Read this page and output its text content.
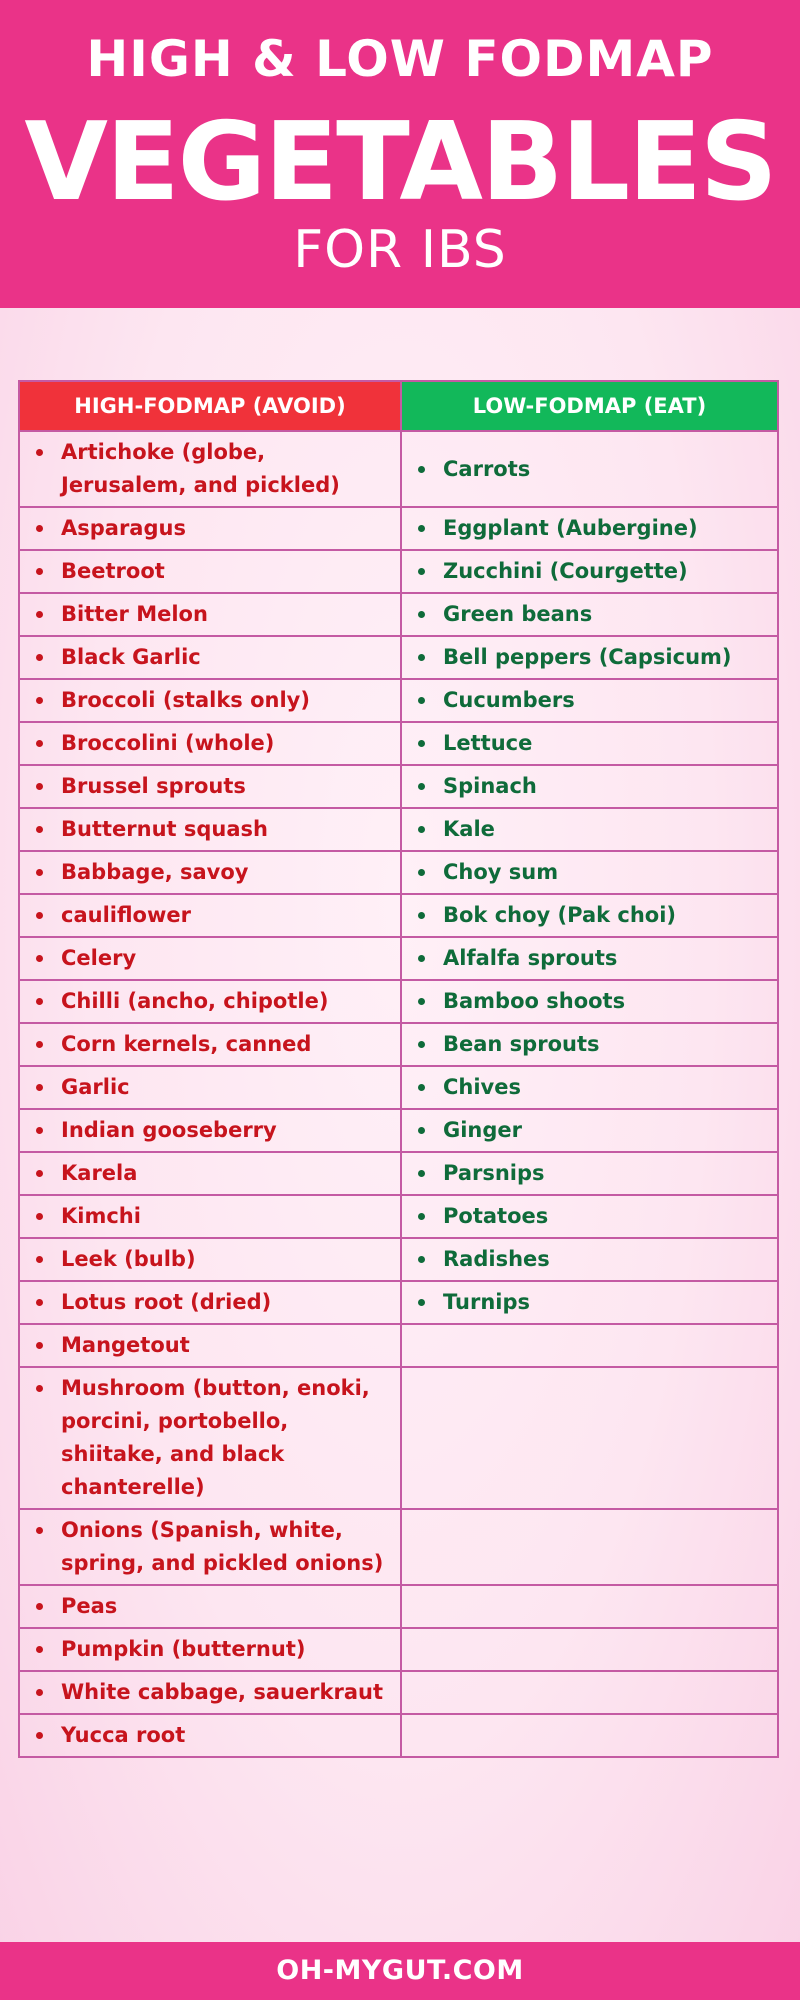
HIGH & LOW FODMAP
VEGETABLES
FOR IBS
HIGH-FODMAP (AVOID)	LOW-FODMAP (EAT)

Artichoke (globe, Jerusalem, and pickled)	Carrots

Asparagus	Eggplant (Aubergine)

Beetroot	Zucchini (Courgette)

Bitter Melon	Green beans

Black Garlic	Bell peppers (Capsicum)

Broccoli (stalks only)	Cucumbers

Broccolini (whole)	Lettuce

Brussel sprouts	Spinach

Butternut squash	Kale

Babbage, savoy	Choy sum

cauliflower	Bok choy (Pak choi)

Celery	Alfalfa sprouts

Chilli (ancho, chipotle)	Bamboo shoots

Corn kernels, canned	Bean sprouts

Garlic	Chives

Indian gooseberry	Ginger

Karela	Parsnips

Kimchi	Potatoes

Leek (bulb)	Radishes

Lotus root (dried)	Turnips

Mangetout	

Mushroom (button, enoki, porcini, portobello, shiitake, and black chanterelle)	

Onions (Spanish, white, spring, and pickled onions)	

Peas	

Pumpkin (butternut)	

White cabbage, sauerkraut	

Yucca root	

OH-MYGUT.COM
